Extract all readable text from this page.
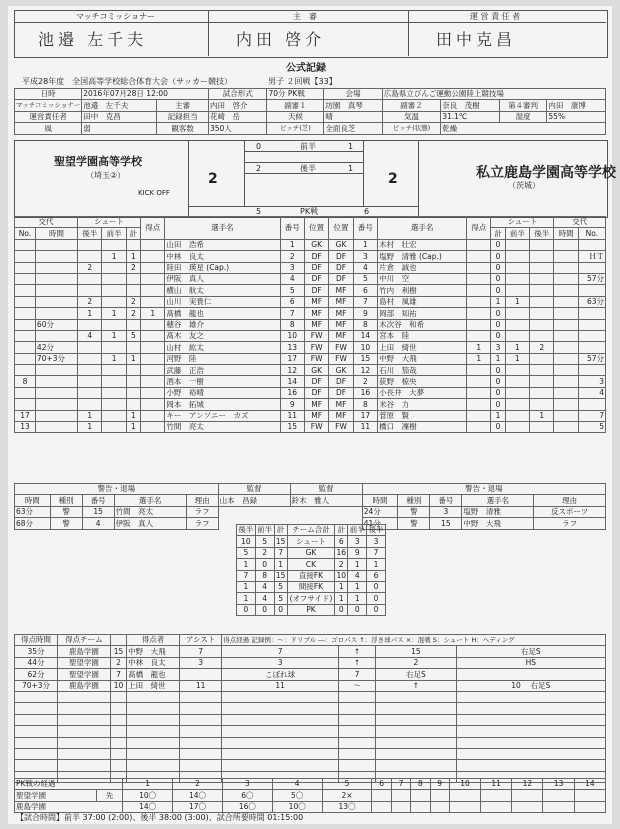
マッチコミッショナー	主　審	運 営 責 任 者
池邉 左千夫	内田 啓介	田中克昌
公式記録
平成28年度　全国高等学校総合体育大会（サッカー競技）	男子 ２回戦【33】
日時	2016年07月28日 12:00		試合形式	70分 PK戦	会場	広島県立びんご運動公園陸上競技場			
マッチコミッショナー	池邉　左千夫	主審	内田　啓介	副審１	坊園　真琴	副審２	奈良　茂樹	第４審判	内田　康博
運営責任者	田中　克昌	記録担当	花崎　岳	天候	晴	気温	31.1℃	湿度	55%
風	弱	観客数	350人	ピッチ(芝)	全面良芝	ピッチ(状態)	乾燥		
聖望学園高等学校
（埼玉②）
KICK OFF
私立鹿島学園高等学校
（茨城）
2	2
0	前半	1
2	後半	1
5	PK戦	6
交代		シュート			得点	選手名	番号	位置	位置	番号	選手名	得点	シュート			交代	
No.	時間	後半	前半	計									計	前半	後半	時間	No.
						山田　浩希	1	GK	GK	1	木村　壮宏		0				
			1	1		中林　良太	2	DF	DF	3	塩野　清雅 (Cap.)		0				ＨＴ
		2		2		陸田　瑛星 (Cap.)	3	DF	DF	4	片倉　誠也		0				
						伊阪　真人	4	DF	DF	5	中川　空		0				57分
						横山　航太	5	DF	MF	6	竹内　利樹		0				
		2		2		山川　実貴仁	6	MF	MF	7	島村　風雄		1	1			63分
		1	1	2	1	髙橋　龍也	7	MF	MF	9	岡部　知祐		0				
	60分					穂谷　雄介	8	MF	MF	8	木次谷　和希		0				
		4	1	5		髙木　友之	10	FW	MF	14	宮本　陸		0				
	42分					山村　紘太	13	FW	FW	10	上田　綺世	1	3	1	2		
	70+3分		1	1		河野　陸	17	FW	FW	15	中野　大飛	1	1	1			57分
						武藤　正浩	12	GK	GK	12	石川　笳哉		0				
8						酒本　一樹	14	DF	DF	2	荻野　椋央		0				3
						小野　裕晴	16	DF	DF	16	小長井　大夢		0				4
						岡本　拓城	9	MF	MF	8	米谷　力		0				
17		1		1		キー　アンソニー　カズ	11	MF	MF	17	菅原　賢		1		1		7
13		1		1		竹間　亮太	15	FW	FW	11	橋口　凜樹		0				5
警告・退場					監督	監督	警告・退場				
時間	種別	番号	選手名	理由	山本　昌録	鈴木　雅人	時間	種別	番号	選手名	理由
63分	警	15	竹間　亮太	ラフ			24分	警	3	塩野　清雅	反スポーツ
68分	警	4	伊阪　真人	ラフ			41分	警	15	中野　大飛	ラフ
後半	前半	計	チーム合計	計	前半	後半
10	5	15	シュート	6	3	3
5	2	7	GK	16	9	7
1	0	1	CK	2	1	1
7	8	15	直接FK	10	4	6
1	4	5	間接FK	1	1	0
1	4	5	(オフサイド)	1	1	0
0	0	0	PK	0	0	0
得点時間	得点チーム		得点者	アシスト	得点経過 記録例：～：ドリブル ―：ゴロパス ↑：浮き球パス ×：混戦 S：シュート H：ヘディング			
35分	鹿島学園	15	中野　大飛	7	7	↑	15	右足S
44分	聖望学園	2	中林　良太	3	3	↑	2	HS
62分	聖望学園	7	髙橋　龍也		こぼれ球	7	右足S	
70+3分	鹿島学園	10	上田　綺世	11	11	～	↑	10 　右足S

PK戦の経過		1	2	3	4	5	6	7	8	9	10	11	12	13	14
聖望学園	先	10〇	14〇	6〇	5〇	2×									
鹿島学園		14〇	17〇	16〇	10〇	13〇									
【試合時間】前半 37:00 (2:00)、後半 38:00 (3:00)、試合所要時間 01:15:00
